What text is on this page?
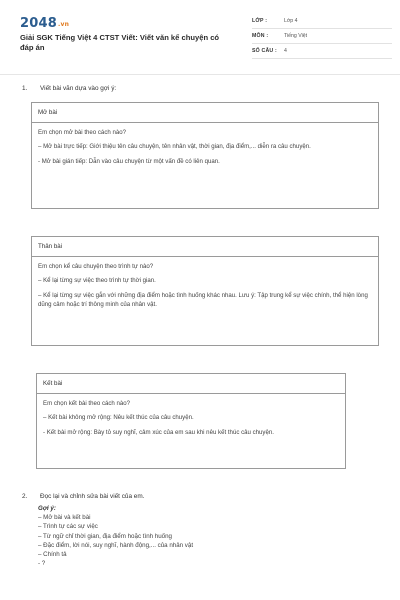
2048.vn
Giải SGK Tiếng Việt 4 CTST Viết: Viết văn kể chuyện có đáp án
LỚP :	Lớp 4
MÔN :	Tiếng Việt
SỐ CÂU : 4
1. Viết bài văn dựa vào gợi ý:
Mở bài

Em chọn mở bài theo cách nào?

– Mở bài trực tiếp: Giới thiệu tên câu chuyện, tên nhân vật, thời gian, địa điểm,... diễn ra câu chuyện.

- Mở bài gián tiếp: Dẫn vào câu chuyện từ một vấn đề có liên quan.

Thân bài

Em chọn kể câu chuyện theo trình tự nào?

– Kể lại từng sự việc theo trình tự thời gian.

– Kể lại từng sự việc gắn với những địa điểm hoặc tình huống khác nhau. Lưu ý: Tập trung kể sự việc chính, thể hiện lòng dũng cảm hoặc trí thông minh của nhân vật.

Kết bài

Em chọn kết bài theo cách nào?

– Kết bài không mở rộng: Nêu kết thúc của câu chuyện.

- Kết bài mở rộng: Bày tỏ suy nghĩ, cảm xúc của em sau khi nêu kết thúc câu chuyện.

2. Đọc lại và chỉnh sửa bài viết của em.
Gợi ý:
– Mở bài và kết bài
– Trình tự các sự việc
– Từ ngữ chỉ thời gian, địa điểm hoặc tình huống
– Đặc điểm, lời nói, suy nghĩ, hành động,... của nhân vật
– Chính tả
- ?
